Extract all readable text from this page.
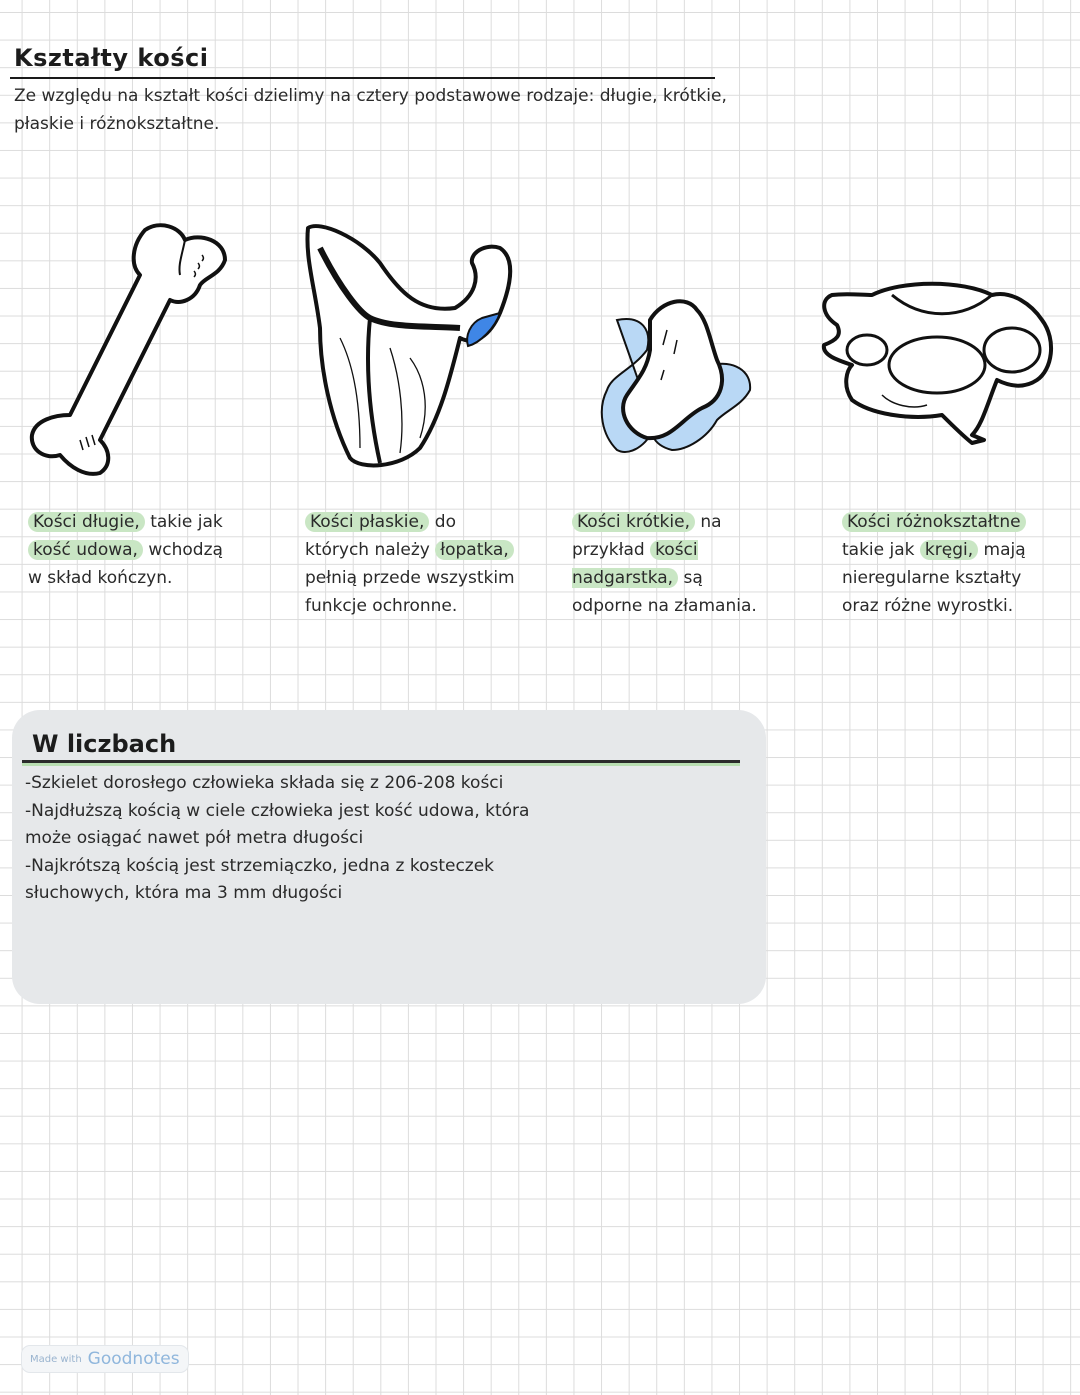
Kształty kości
Ze względu na kształt kości dzielimy na cztery podstawowe rodzaje: długie, krótkie, płaskie i różnokształtne.
Kości długie, takie jak kość udowa, wchodzą w skład kończyn.
Kości płaskie, do których należy łopatka, pełnią przede wszystkim funkcje ochronne.
Kości krótkie, na przykład kości nadgarstka, są odporne na złamania.
Kości różnokształtne takie jak kręgi, mają nieregularne kształty oraz różne wyrostki.
W liczbach

-Szkielet dorosłego człowieka składa się z 206-208 kości

-Najdłuższą kością w ciele człowieka jest kość udowa, która może osiągać nawet pół metra długości

-Najkrótszą kością jest strzemiączko, jedna z kosteczek słuchowych, która ma 3 mm długości

Made with Goodnotes
